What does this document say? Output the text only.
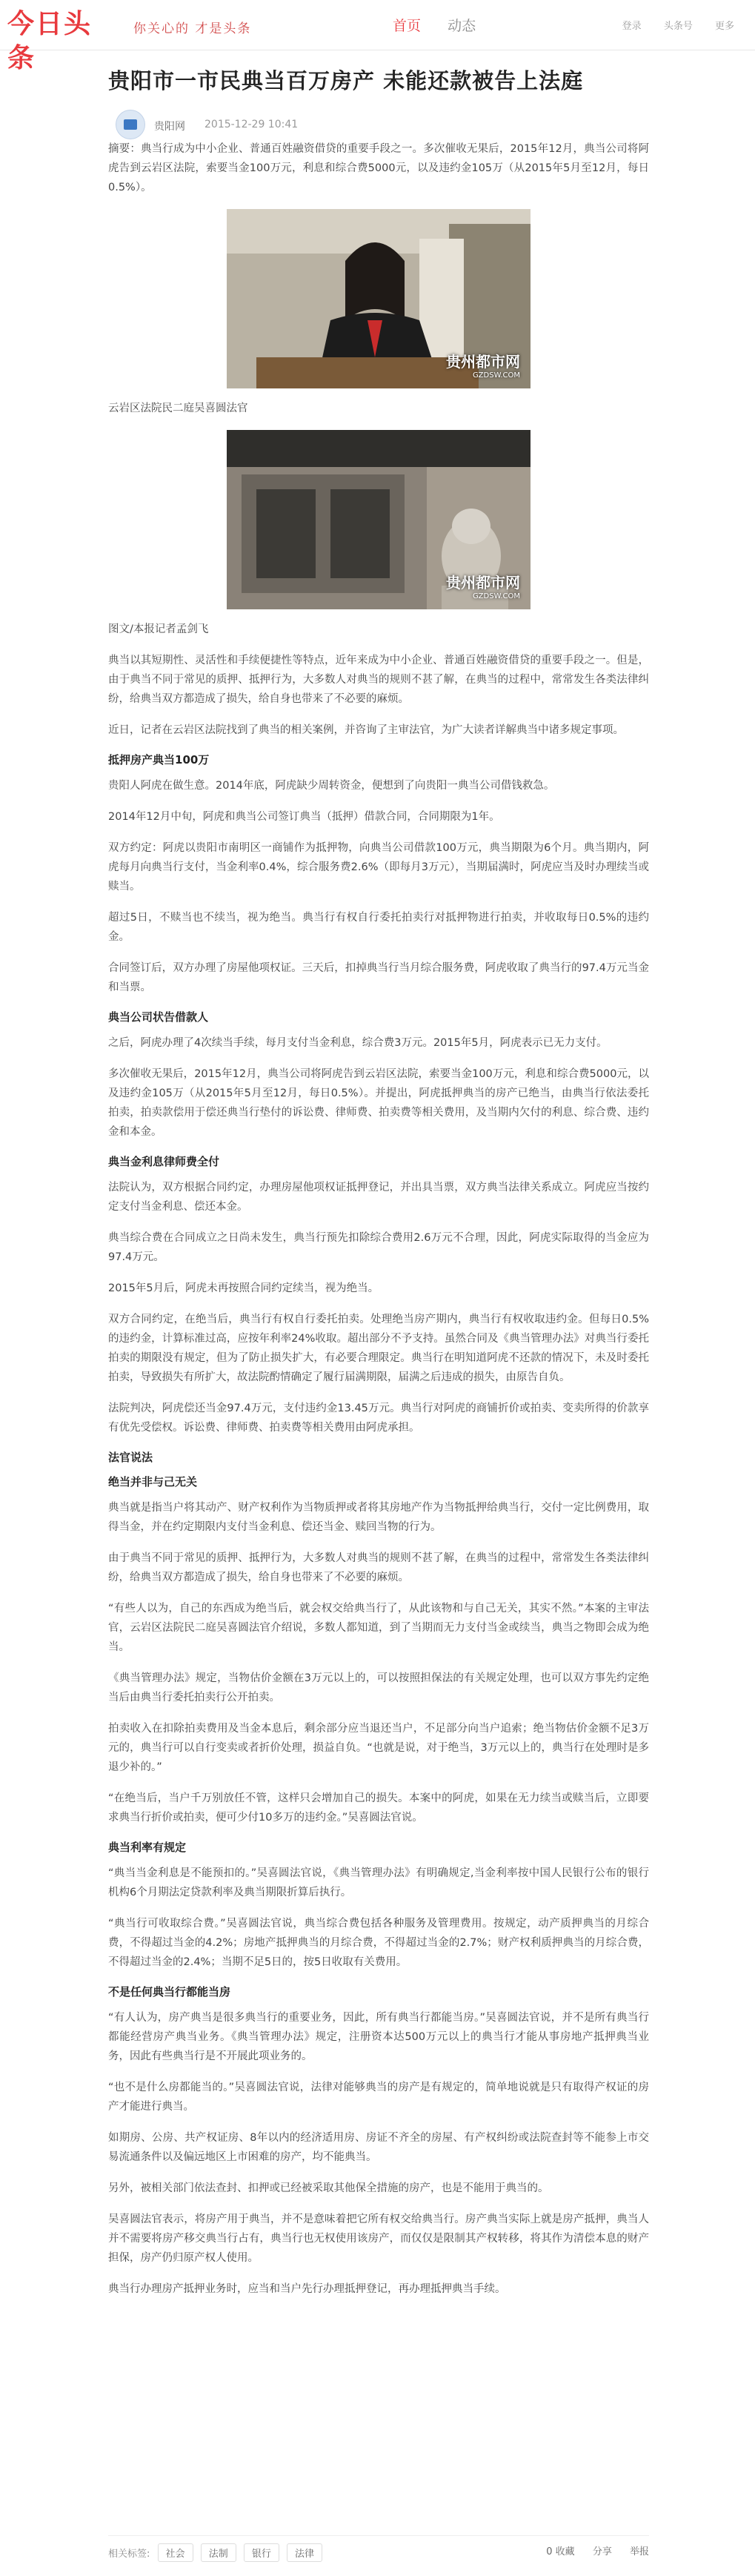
今日头条
你关心的 才是头条	首页 动态	登录 头条号 更多
贵阳市一市民典当百万房产 未能还款被告上法庭
贵阳网 2015-12-29 10:41

摘要：典当行成为中小企业、普通百姓融资借贷的重要手段之一。多次催收无果后，2015年12月，典当公司将阿虎告到云岩区法院，索要当金100万元，利息和综合费5000元，以及违约金105万（从2015年5月至12月，每日0.5%）。

贵州都市网
GZDSW.COM

云岩区法院民二庭吴喜圆法官

贵州都市网
GZDSW.COM

图文/本报记者孟剑飞

典当以其短期性、灵活性和手续便捷性等特点，近年来成为中小企业、普通百姓融资借贷的重要手段之一。但是，由于典当不同于常见的质押、抵押行为，大多数人对典当的规则不甚了解，在典当的过程中，常常发生各类法律纠纷，给典当双方都造成了损失，给自身也带来了不必要的麻烦。

近日，记者在云岩区法院找到了典当的相关案例，并咨询了主审法官，为广大读者详解典当中诸多规定事项。

抵押房产典当100万

贵阳人阿虎在做生意。2014年底，阿虎缺少周转资金，便想到了向贵阳一典当公司借钱救急。

2014年12月中旬，阿虎和典当公司签订典当（抵押）借款合同，合同期限为1年。

双方约定：阿虎以贵阳市南明区一商铺作为抵押物，向典当公司借款100万元，典当期限为6个月。典当期内，阿虎每月向典当行支付，当金利率0.4%，综合服务费2.6%（即每月3万元），当期届满时，阿虎应当及时办理续当或赎当。

超过5日，不赎当也不续当，视为绝当。典当行有权自行委托拍卖行对抵押物进行拍卖，并收取每日0.5%的违约金。

合同签订后，双方办理了房屋他项权证。三天后，扣掉典当行当月综合服务费，阿虎收取了典当行的97.4万元当金和当票。

典当公司状告借款人

之后，阿虎办理了4次续当手续，每月支付当金利息，综合费3万元。2015年5月，阿虎表示已无力支付。

多次催收无果后，2015年12月，典当公司将阿虎告到云岩区法院，索要当金100万元，利息和综合费5000元，以及违约金105万（从2015年5月至12月，每日0.5%）。并提出，阿虎抵押典当的房产已绝当，由典当行依法委托拍卖，拍卖款偿用于偿还典当行垫付的诉讼费、律师费、拍卖费等相关费用，及当期内欠付的利息、综合费、违约金和本金。

典当金利息律师费全付

法院认为，双方根据合同约定，办理房屋他项权证抵押登记，并出具当票，双方典当法律关系成立。阿虎应当按约定支付当金利息、偿还本金。

典当综合费在合同成立之日尚未发生，典当行预先扣除综合费用2.6万元不合理，因此，阿虎实际取得的当金应为97.4万元。

2015年5月后，阿虎未再按照合同约定续当，视为绝当。

双方合同约定，在绝当后，典当行有权自行委托拍卖。处理绝当房产期内，典当行有权收取违约金。但每日0.5%的违约金，计算标准过高，应按年利率24%收取。超出部分不予支持。虽然合同及《典当管理办法》对典当行委托拍卖的期限没有规定，但为了防止损失扩大，有必要合理限定。典当行在明知道阿虎不还款的情况下，未及时委托拍卖，导致损失有所扩大，故法院酌情确定了履行届满期限，届满之后违成的损失，由原告自负。

法院判决，阿虎偿还当金97.4万元，支付违约金13.45万元。典当行对阿虎的商铺折价或拍卖、变卖所得的价款享有优先受偿权。诉讼费、律师费、拍卖费等相关费用由阿虎承担。

法官说法
绝当并非与己无关

典当就是指当户将其动产、财产权利作为当物质押或者将其房地产作为当物抵押给典当行，交付一定比例费用，取得当金，并在约定期限内支付当金利息、偿还当金、赎回当物的行为。

由于典当不同于常见的质押、抵押行为，大多数人对典当的规则不甚了解，在典当的过程中，常常发生各类法律纠纷，给典当双方都造成了损失，给自身也带来了不必要的麻烦。

“有些人以为，自己的东西成为绝当后，就会权交给典当行了，从此该物和与自己无关，其实不然。”本案的主审法官，云岩区法院民二庭吴喜圆法官介绍说，多数人都知道，到了当期而无力支付当金或续当，典当之物即会成为绝当。

《典当管理办法》规定，当物估价金额在3万元以上的，可以按照担保法的有关规定处理，也可以双方事先约定绝当后由典当行委托拍卖行公开拍卖。

拍卖收入在扣除拍卖费用及当金本息后，剩余部分应当退还当户，不足部分向当户追索；绝当物估价金额不足3万元的，典当行可以自行变卖或者折价处理，损益自负。“也就是说，对于绝当，3万元以上的，典当行在处理时是多退少补的。”

“在绝当后，当户千万别放任不管，这样只会增加自己的损失。本案中的阿虎，如果在无力续当或赎当后，立即要求典当行折价或拍卖，便可少付10多万的违约金。”吴喜圆法官说。

典当利率有规定

“典当当金利息是不能预扣的。”吴喜圆法官说，《典当管理办法》有明确规定,当金利率按中国人民银行公布的银行机构6个月期法定贷款利率及典当期限折算后执行。

“典当行可收取综合费。”吴喜圆法官说，典当综合费包括各种服务及管理费用。按规定，动产质押典当的月综合费，不得超过当金的4.2%；房地产抵押典当的月综合费，不得超过当金的2.7%；财产权利质押典当的月综合费，不得超过当金的2.4%；当期不足5日的，按5日收取有关费用。

不是任何典当行都能当房

“有人认为，房产典当是很多典当行的重要业务，因此，所有典当行都能当房。”吴喜圆法官说，并不是所有典当行都能经营房产典当业务。《典当管理办法》规定，注册资本达500万元以上的典当行才能从事房地产抵押典当业务，因此有些典当行是不开展此项业务的。

“也不是什么房都能当的。”吴喜圆法官说，法律对能够典当的房产是有规定的，简单地说就是只有取得产权证的房产才能进行典当。

如期房、公房、共产权证房、8年以内的经济适用房、房证不齐全的房屋、有产权纠纷或法院查封等不能参上市交易流通条件以及偏远地区上市困难的房产，均不能典当。

另外，被相关部门依法查封、扣押或已经被采取其他保全措施的房产，也是不能用于典当的。

吴喜圆法官表示，将房产用于典当，并不是意味着把它所有权交给典当行。房产典当实际上就是房产抵押，典当人并不需要将房产移交典当行占有，典当行也无权使用该房产，而仅仅是限制其产权转移，将其作为清偿本息的财产担保，房产仍归原产权人使用。

典当行办理房产抵押业务时，应当和当户先行办理抵押登记，再办理抵押典当手续。

相关标签: 社会 法制 银行 法律	0 收藏 分享 举报
